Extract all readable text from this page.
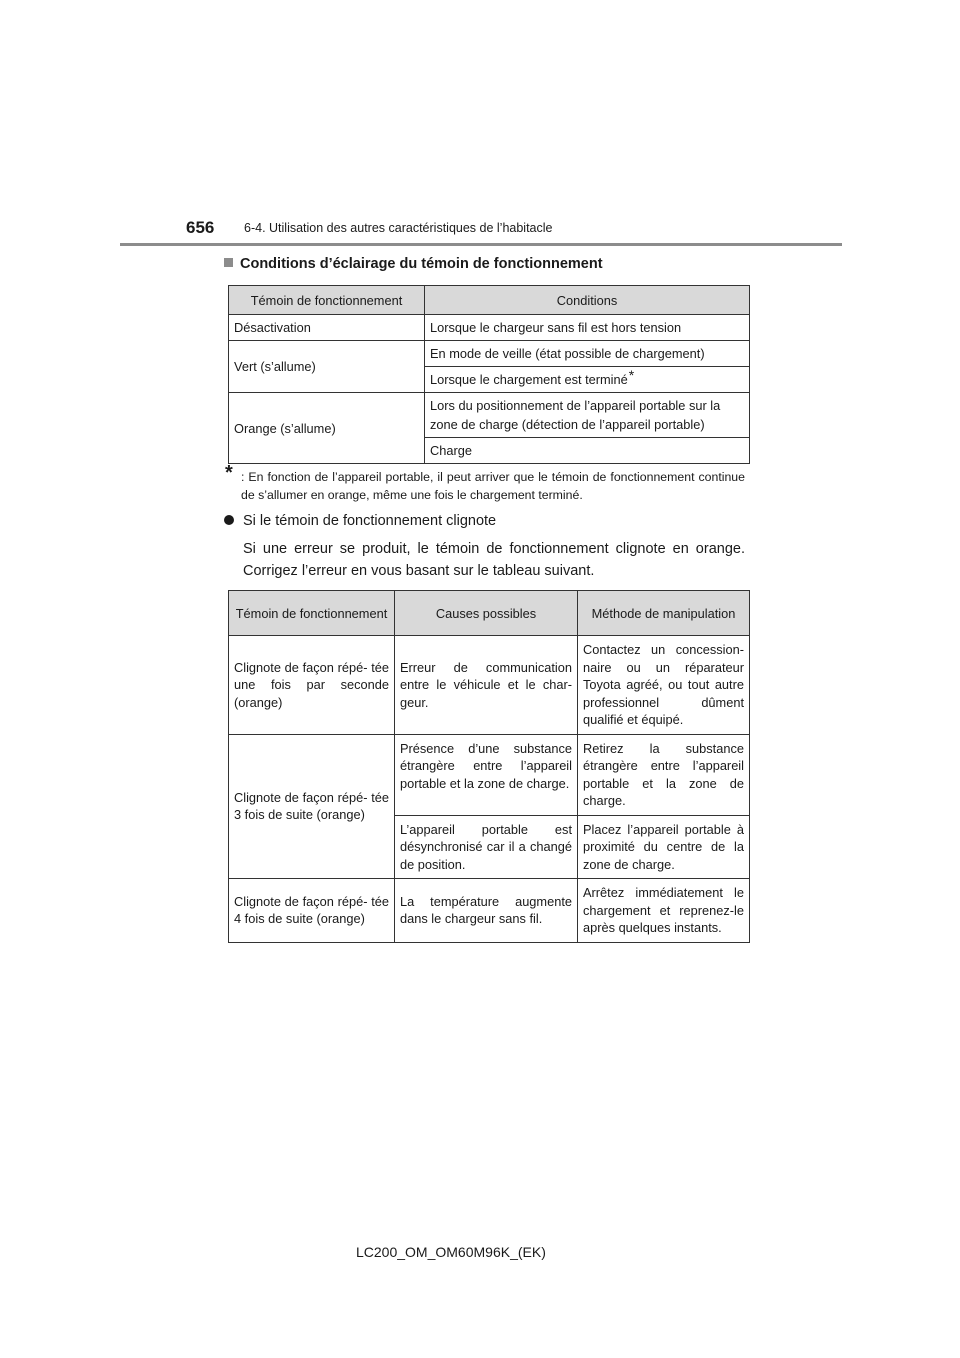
656 6-4. Utilisation des autres caractéristiques de l’habitacle
Conditions d’éclairage du témoin de fonctionnement
Témoin de fonctionnement	Conditions
Désactivation	Lorsque le chargeur sans fil est hors tension
Vert (s’allume)	En mode de veille (état possible de chargement)
	Lorsque le chargement est terminé*
Orange (s’allume)	Lors du positionnement de l’appareil portable sur la zone de charge (détection de l’appareil portable)
	Charge
* : En fonction de l’appareil portable, il peut arriver que le témoin de fonctionnement continue de s’allumer en orange, même une fois le chargement terminé.
Si le témoin de fonctionnement clignote
Si une erreur se produit, le témoin de fonctionnement clignote en orange. Corrigez l’erreur en vous basant sur le tableau suivant.
Témoin de fonctionnement	Causes possibles	Méthode de manipulation
Clignote de façon répé- tée une fois par seconde (orange)	Erreur de communication entre le véhicule et le char- geur.	Contactez un concession- naire ou un réparateur Toyota agréé, ou tout autre professionnel dûment qualifié et équipé.
Clignote de façon répé- tée 3 fois de suite (orange)	Présence d’une substance étrangère entre l’appareil portable et la zone de charge.	Retirez la substance étrangère entre l’appareil portable et la zone de charge.
	L’appareil portable est désynchronisé car il a changé de position.	Placez l’appareil portable à proximité du centre de la zone de charge.
Clignote de façon répé- tée 4 fois de suite (orange)	La température augmente dans le chargeur sans fil.	Arrêtez immédiatement le chargement et reprenez-le après quelques instants.
LC200_OM_OM60M96K_(EK)
